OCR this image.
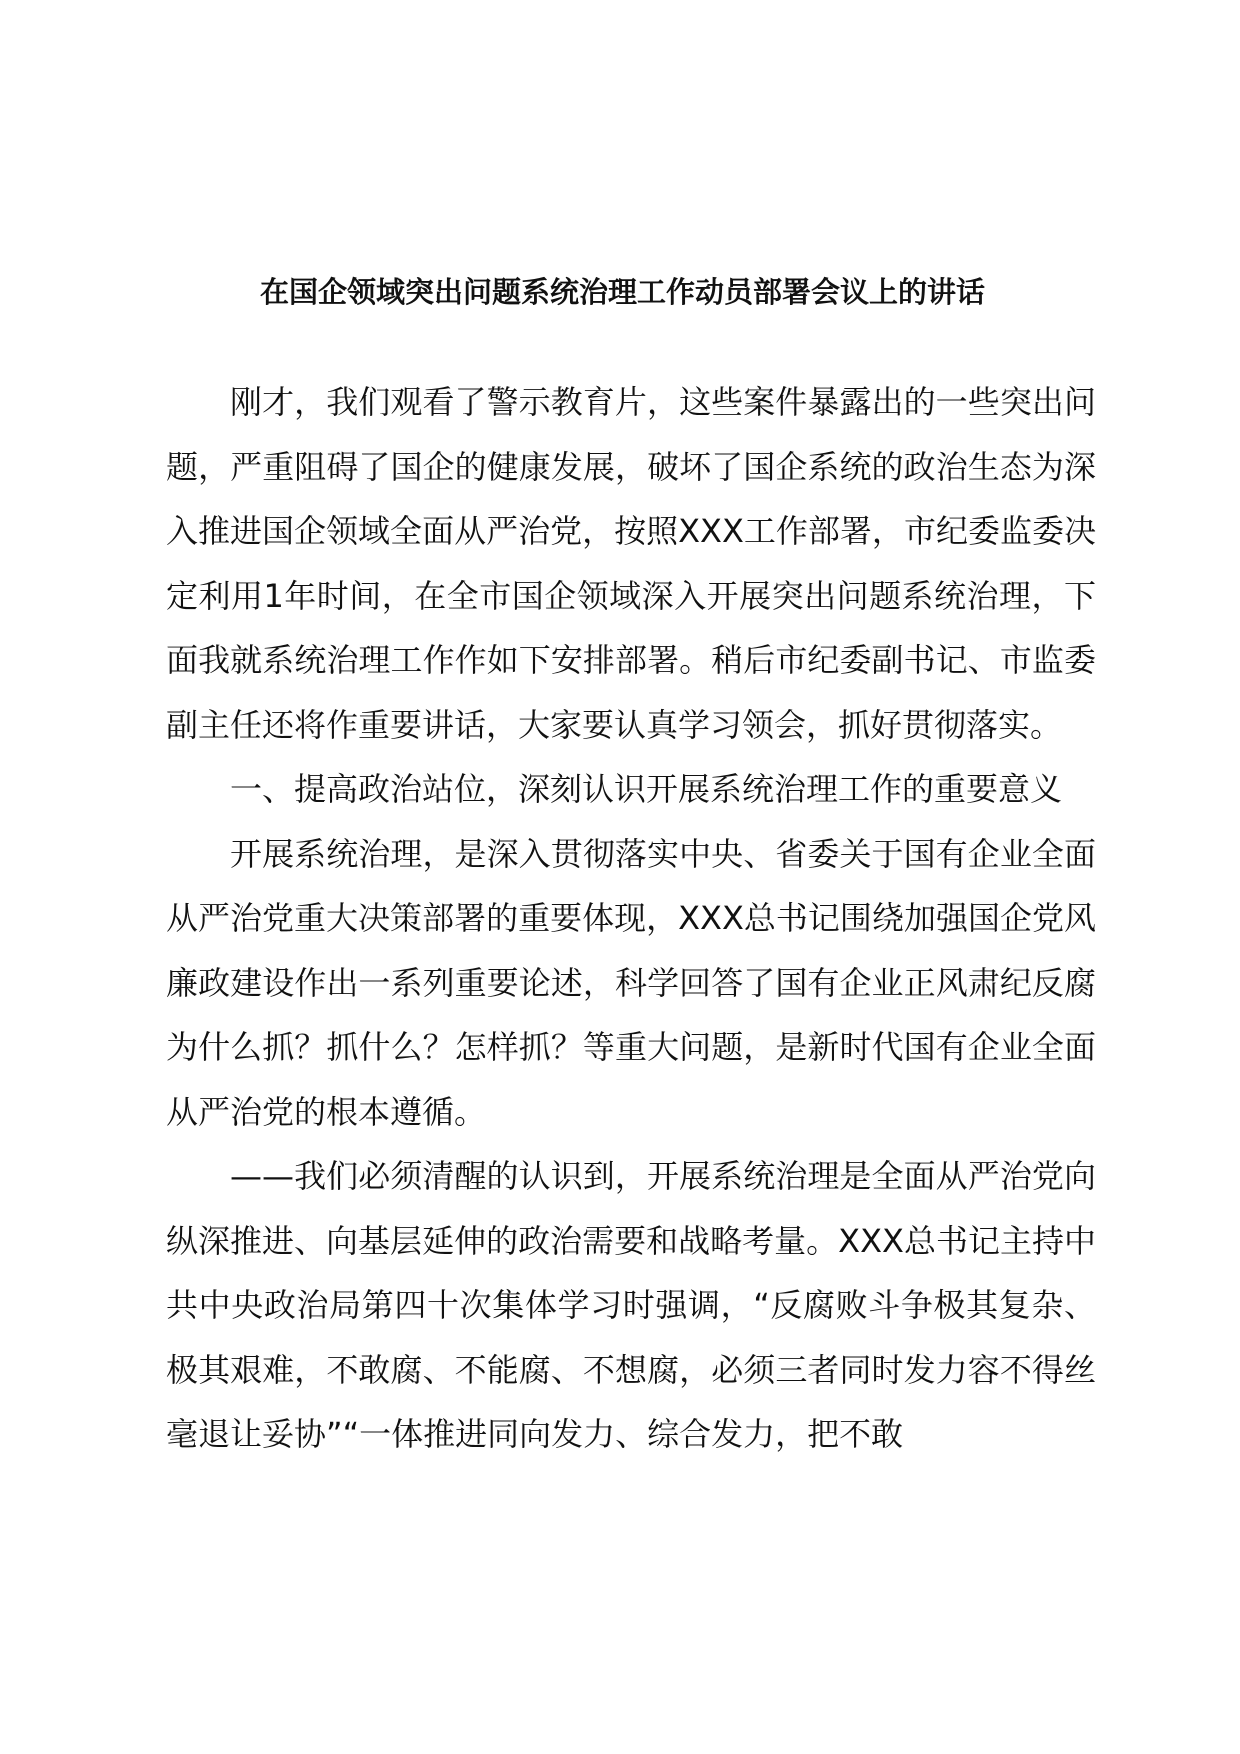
在国企领域突出问题系统治理工作动员部署会议上的讲话

刚才，我们观看了警示教育片，这些案件暴露出的一些突出问题，严重阻碍了国企的健康发展，破坏了国企系统的政治生态为深入推进国企领域全面从严治党，按照XXX工作部署，市纪委监委决定利用1年时间，在全市国企领域深入开展突出问题系统治理，下面我就系统治理工作作如下安排部署。稍后市纪委副书记、市监委副主任还将作重要讲话，大家要认真学习领会，抓好贯彻落实。

一、提高政治站位，深刻认识开展系统治理工作的重要意义

开展系统治理，是深入贯彻落实中央、省委关于国有企业全面从严治党重大决策部署的重要体现，XXX总书记围绕加强国企党风廉政建设作出一系列重要论述，科学回答了国有企业正风肃纪反腐为什么抓？抓什么？怎样抓？等重大问题，是新时代国有企业全面从严治党的根本遵循。

——我们必须清醒的认识到，开展系统治理是全面从严治党向纵深推进、向基层延伸的政治需要和战略考量。XXX总书记主持中共中央政治局第四十次集体学习时强调，“反腐败斗争极其复杂、极其艰难，不敢腐、不能腐、不想腐，必须三者同时发力容不得丝毫退让妥协”“一体推进同向发力、综合发力，把不敢
